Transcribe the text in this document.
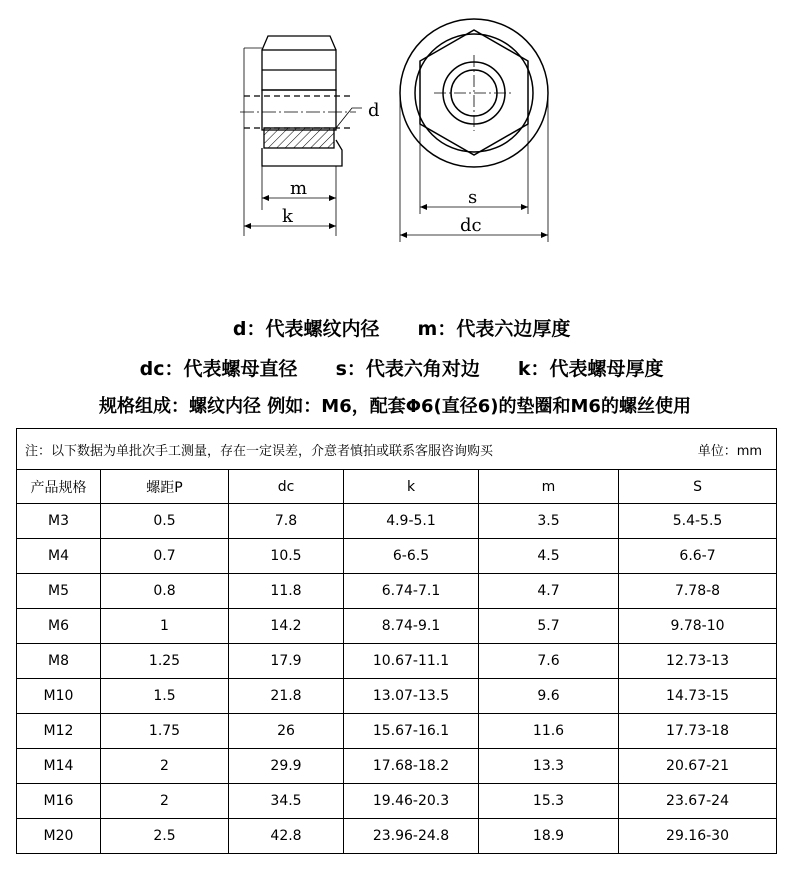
d
m
k
s
dc

d：代表螺纹内径　　 m：代表六边厚度

dc：代表螺母直径　　 s：代表六角对边　　 k：代表螺母厚度

规格组成：螺纹内径 例如：M6，配套Φ6(直径6)的垫圈和M6的螺丝使用
单位：mm
注：以下数据为单批次手工测量，存在一定误差，介意者慎拍或联系客服咨询购买					
产品规格	螺距P	dc	k	m	S
M3	0.5	7.8	4.9-5.1	3.5	5.4-5.5
M4	0.7	10.5	6-6.5	4.5	6.6-7
M5	0.8	11.8	6.74-7.1	4.7	7.78-8
M6	1	14.2	8.74-9.1	5.7	9.78-10
M8	1.25	17.9	10.67-11.1	7.6	12.73-13
M10	1.5	21.8	13.07-13.5	9.6	14.73-15
M12	1.75	26	15.67-16.1	11.6	17.73-18
M14	2	29.9	17.68-18.2	13.3	20.67-21
M16	2	34.5	19.46-20.3	15.3	23.67-24
M20	2.5	42.8	23.96-24.8	18.9	29.16-30
